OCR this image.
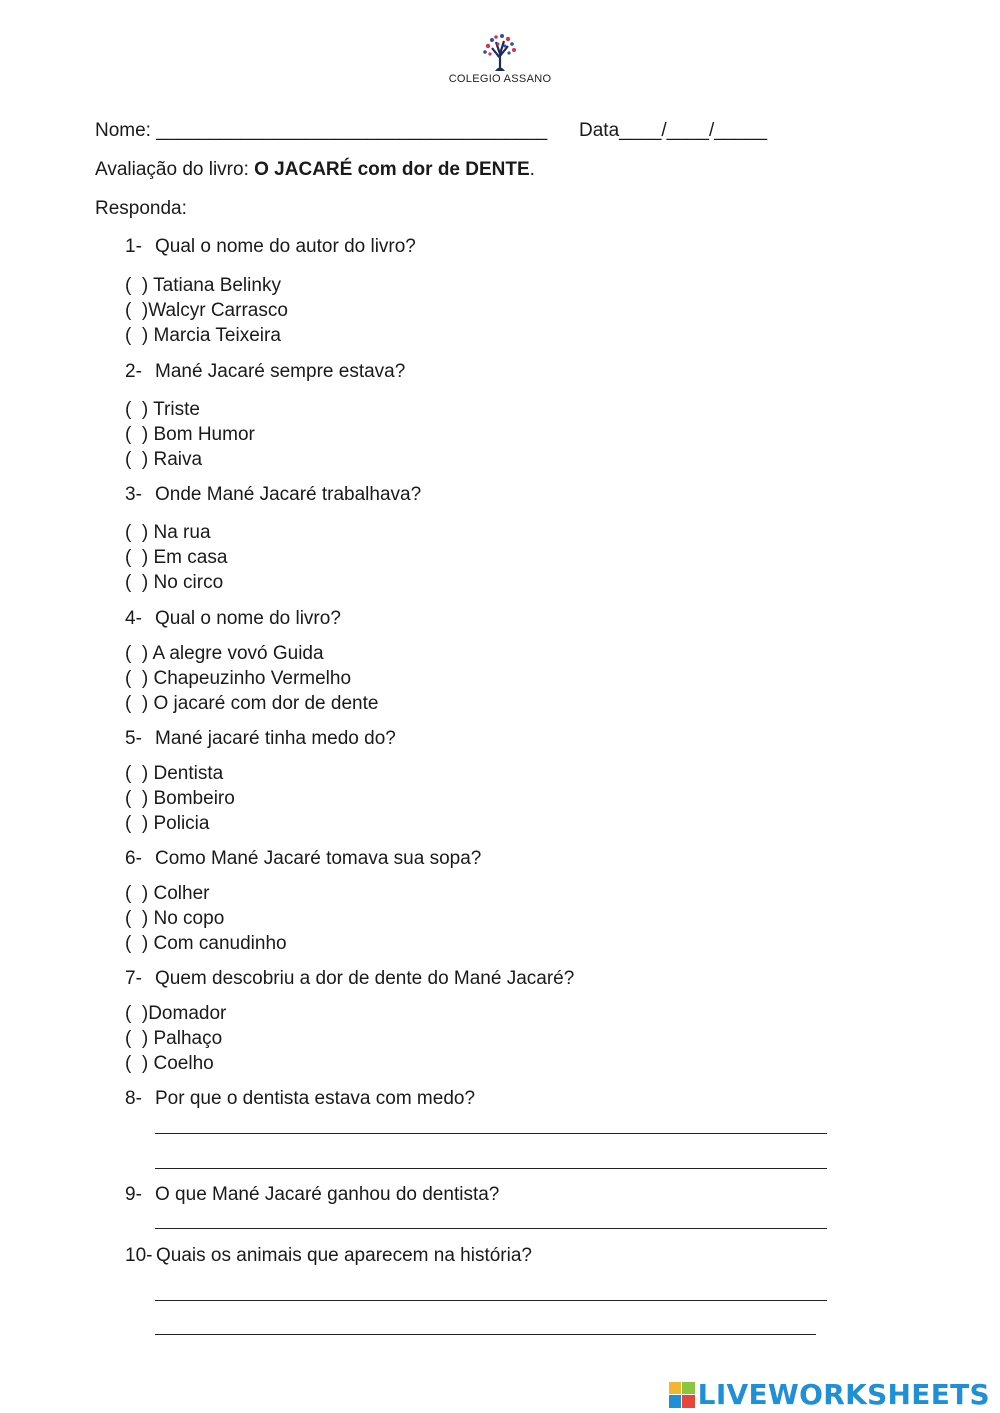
COLEGIO ASSANO
Nome: _____________________________________ Data____/____/_____
Avaliação do livro: O JACARÉ com dor de DENTE.
Responda:
1- Qual o nome do autor do livro?
(  ) Tatiana Belinky
(  )Walcyr Carrasco
(  ) Marcia Teixeira
2- Mané Jacaré sempre estava?
(  ) Triste
(  ) Bom Humor
(  ) Raiva
3- Onde Mané Jacaré trabalhava?
(  ) Na rua
(  ) Em casa
(  ) No circo
4- Qual o nome do livro?
(  ) A alegre vovó Guida
(  ) Chapeuzinho Vermelho
(  ) O jacaré com dor de dente
5- Mané jacaré tinha medo do?
(  ) Dentista
(  ) Bombeiro
(  ) Policia
6- Como Mané Jacaré tomava sua sopa?
(  ) Colher
(  ) No copo
(  ) Com canudinho
7- Quem descobriu a dor de dente do Mané Jacaré?
(  )Domador
(  ) Palhaço
(  ) Coelho
8- Por que o dentista estava com medo?
9- O que Mané Jacaré ganhou do dentista?
10- Quais os animais que aparecem na história?
LIVEWORKSHEETS
